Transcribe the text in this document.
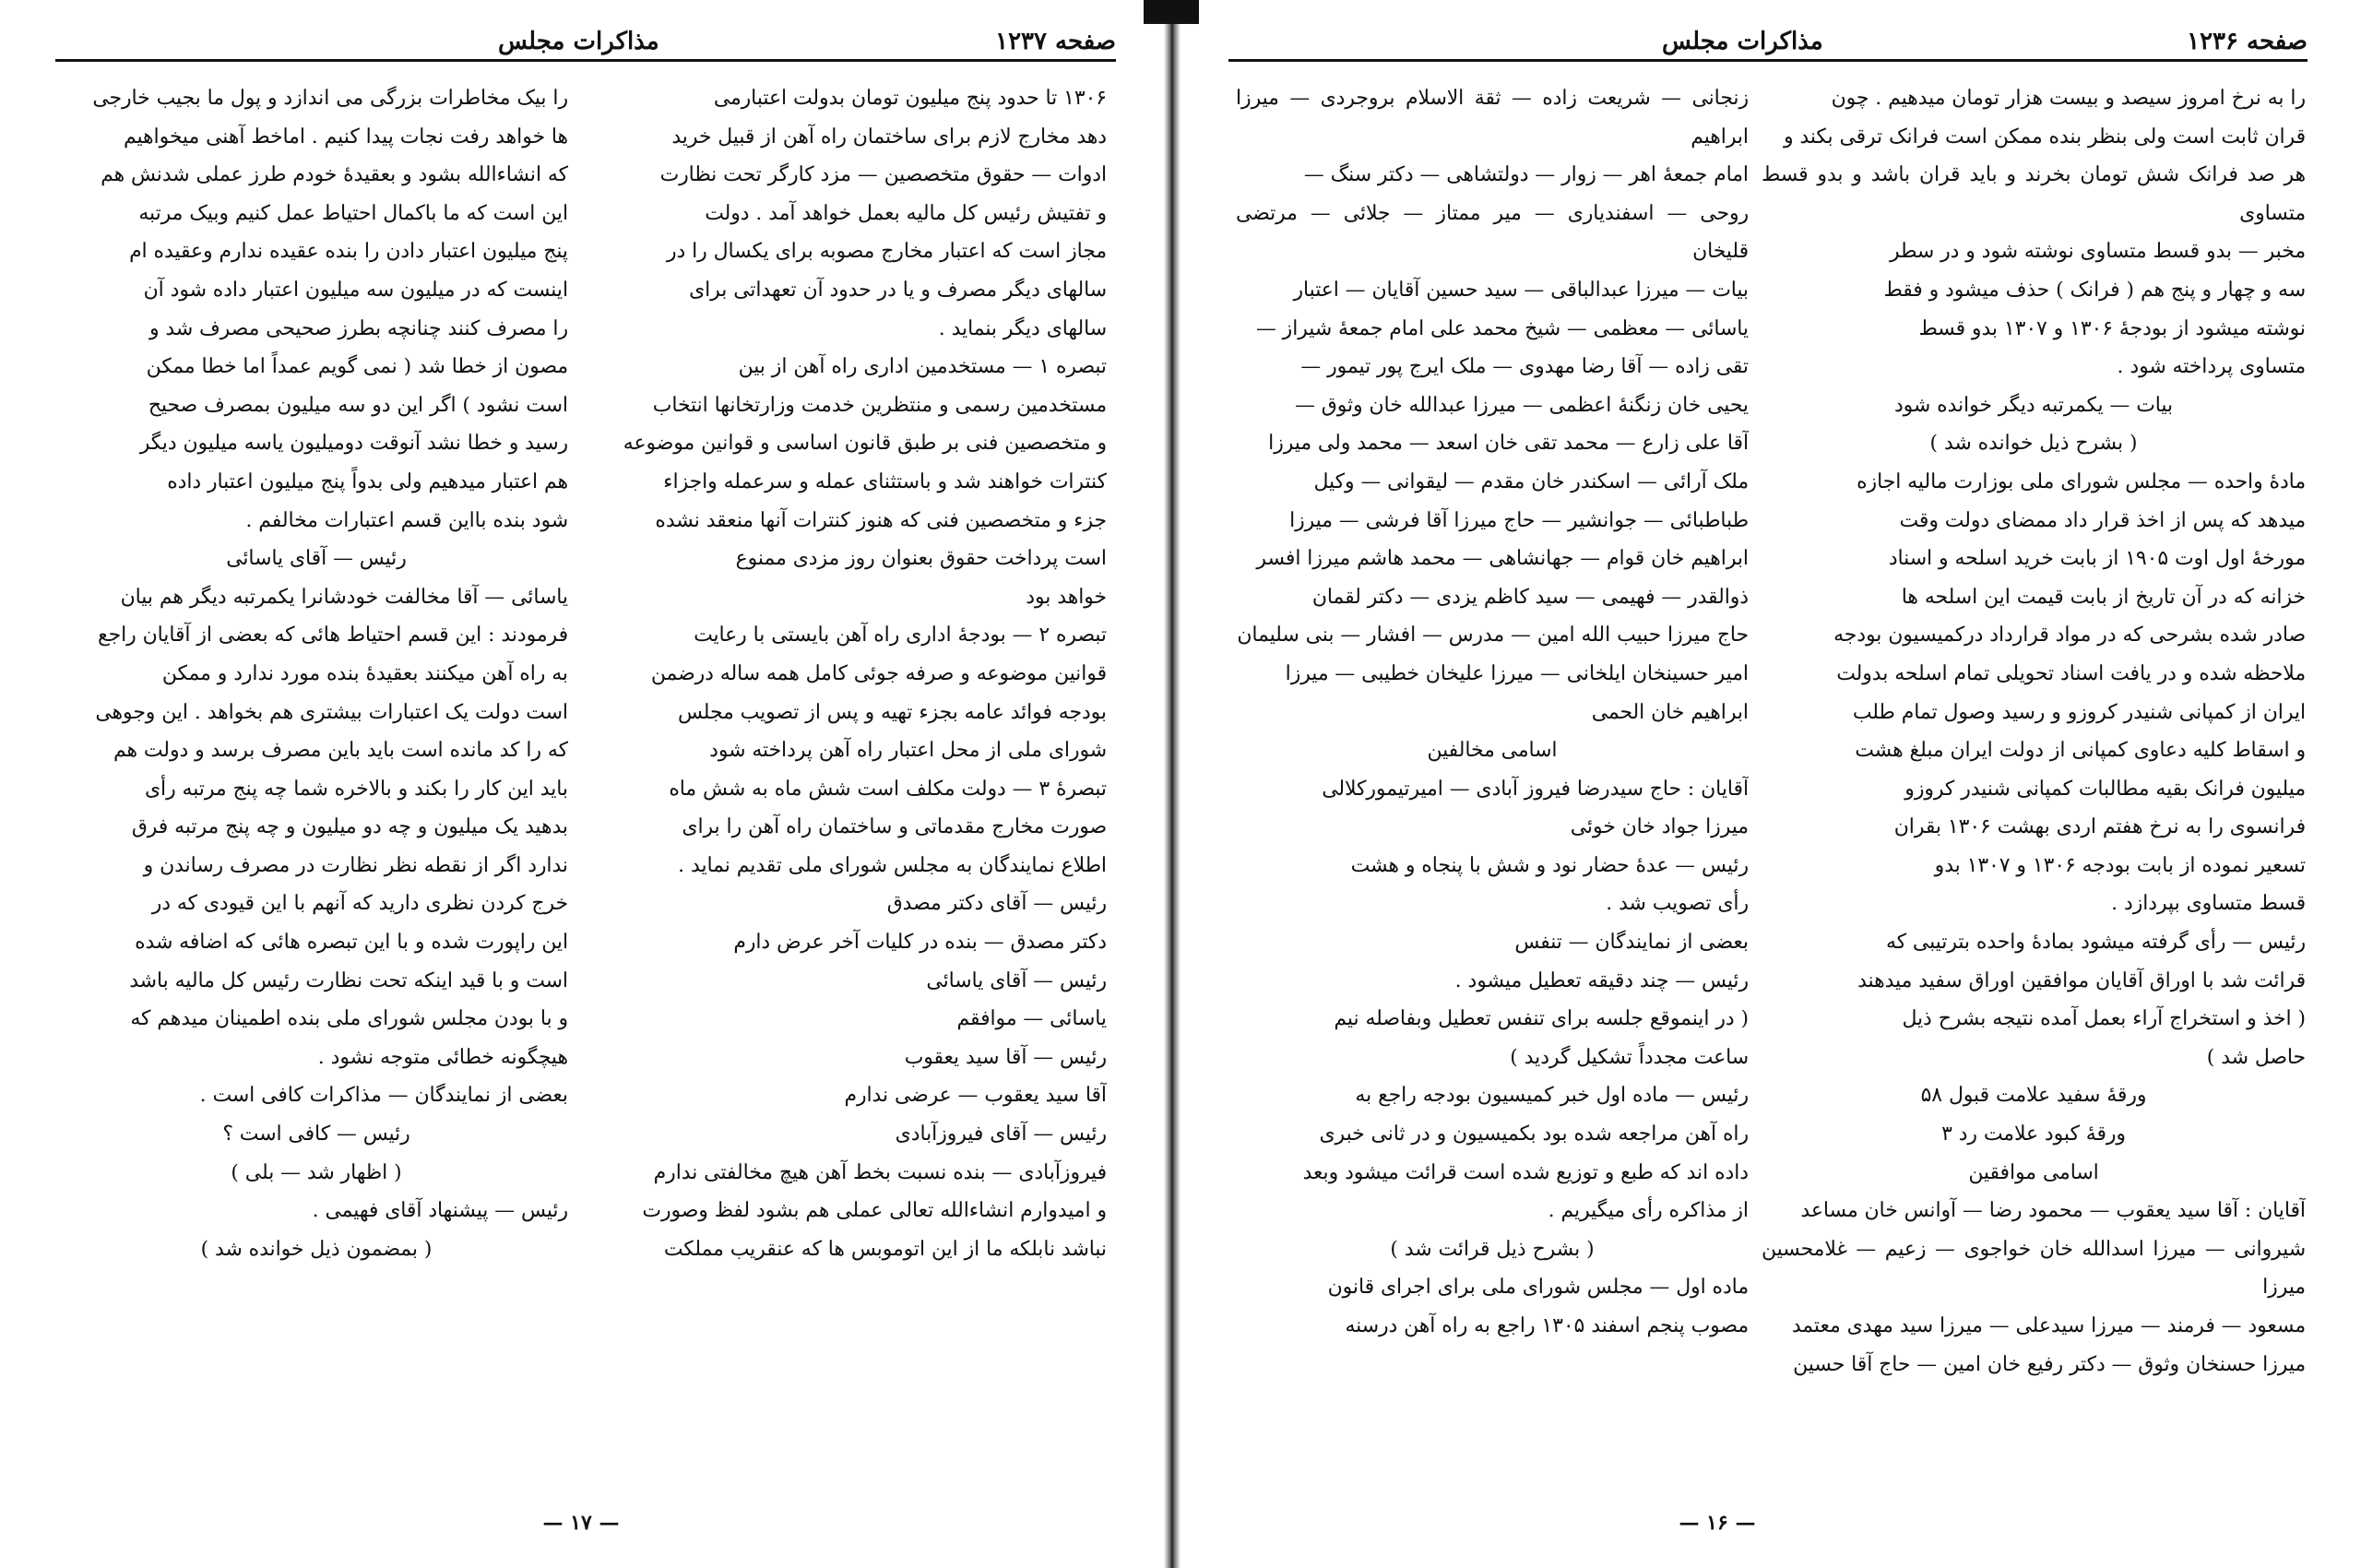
مذاکرات مجلس	صفحه ۱۲۳۷

۱۳۰۶ تا حدود پنج میلیون تومان بدولت اعتبارمی

دهد مخارج لازم برای ساختمان راه آهن از قبیل خرید

ادوات — حقوق متخصصین — مزد کارگر تحت نظارت

و تفتیش رئیس کل مالیه بعمل خواهد آمد . دولت

مجاز است که اعتبار مخارج مصوبه برای یکسال را در

سالهای دیگر مصرف و یا در حدود آن تعهداتی برای

سالهای دیگر بنماید .

تبصره ۱ — مستخدمین اداری راه آهن از بین

مستخدمین رسمی و منتظرین خدمت وزارتخانها انتخاب

و متخصصین فنی بر طبق قانون اساسی و قوانین موضوعه

کنترات خواهند شد و باستثنای عمله و سرعمله واجزاء

جزء و متخصصین فنی که هنوز کنترات آنها منعقد نشده

است پرداخت حقوق بعنوان روز مزدی ممنوع

خواهد بود

تبصره ۲ — بودجهٔ اداری راه آهن بایستی با رعایت

قوانین موضوعه و صرفه جوئی کامل همه ساله درضمن

بودجه فوائد عامه بجزء تهیه و پس از تصویب مجلس

شورای ملی از محل اعتبار راه آهن پرداخته شود

تبصرهٔ ۳ — دولت مکلف است شش ماه به شش ماه

صورت مخارج مقدماتی و ساختمان راه آهن را برای

اطلاع نمایندگان به مجلس شورای ملی تقدیم نماید .

رئیس — آقای دکتر مصدق

دکتر مصدق — بنده در کلیات آخر عرض دارم

رئیس — آقای یاسائی

یاسائی — موافقم

رئیس — آقا سید یعقوب

آقا سید یعقوب — عرضی ندارم

رئیس — آقای فیروزآبادی

فیروزآبادی — بنده نسبت بخط آهن هیچ مخالفتی ندارم

و امیدوارم انشاءالله تعالی عملی هم بشود لفظ وصورت

نباشد نابلکه ما از این اتوموبس ها که عنقریب مملکت

را بیک مخاطرات بزرگی می اندازد و پول ما بجیب خارجی

ها خواهد رفت نجات پیدا کنیم . اماخط آهنی میخواهیم

که انشاءالله بشود و بعقیدهٔ خودم طرز عملی شدنش هم

این است که ما باکمال احتیاط عمل کنیم وبیک مرتبه

پنج میلیون اعتبار دادن را بنده عقیده ندارم وعقیده ام

اینست که در میلیون سه میلیون اعتبار داده شود آن

را مصرف کنند چنانچه بطرز صحیحی مصرف شد و

مصون از خطا شد ( نمی گویم عمداً اما خطا ممکن

است نشود ) اگر این دو سه میلیون بمصرف صحیح

رسید و خطا نشد آنوقت دومیلیون یاسه میلیون دیگر

هم اعتبار میدهیم ولی بدواً پنج میلیون اعتبار داده

شود بنده بااین قسم اعتبارات مخالفم .

رئیس — آقای یاسائی

یاسائی — آقا مخالفت خودشانرا یکمرتبه دیگر هم بیان

فرمودند : این قسم احتیاط هائی که بعضی از آقایان راجع

به راه آهن میکنند بعقیدهٔ بنده مورد ندارد و ممکن

است دولت یک اعتبارات بیشتری هم بخواهد . این وجوهی

که را کد مانده است باید باین مصرف برسد و دولت هم

باید این کار را بکند و بالاخره شما چه پنج مرتبه رأی

بدهید یک میلیون و چه دو میلیون و چه پنج مرتبه فرق

ندارد اگر از نقطه نظر نظارت در مصرف رساندن و

خرج کردن نظری دارید که آنهم با این قیودی که در

این راپورت شده و با این تبصره هائی که اضافه شده

است و با قید اینکه تحت نظارت رئیس کل مالیه باشد

و با بودن مجلس شورای ملی بنده اطمینان میدهم که

هیچگونه خطائی متوجه نشود .

بعضی از نمایندگان — مذاکرات کافی است .

رئیس — کافی است ؟

( اظهار شد — بلی )

رئیس — پیشنهاد آقای فهیمی .

( بمضمون ذیل خوانده شد )

— ۱۷ —
مذاکرات مجلس	صفحه ۱۲۳۶

را به نرخ امروز سیصد و بیست هزار تومان میدهیم . چون

قران ثابت است ولی بنظر بنده ممکن است فرانک ترقی بکند و

هر صد فرانک شش تومان بخرند و باید قران باشد و بدو قسط متساوی

مخبر — بدو قسط متساوی نوشته شود و در سطر

سه و چهار و پنج هم ( فرانک ) حذف میشود و فقط

نوشته میشود از بودجهٔ ۱۳۰۶ و ۱۳۰۷ بدو قسط

متساوی پرداخته شود .

بیات — یکمرتبه دیگر خوانده شود

( بشرح ذیل خوانده شد )

مادهٔ واحده — مجلس شورای ملی بوزارت مالیه اجازه

میدهد که پس از اخذ قرار داد ممضای دولت وقت

مورخهٔ اول اوت ۱۹۰۵ از بابت خرید اسلحه و اسناد

خزانه که در آن تاریخ از بابت قیمت این اسلحه ها

صادر شده بشرحی که در مواد قرارداد درکمیسیون بودجه

ملاحظه شده و در یافت اسناد تحویلی تمام اسلحه بدولت

ایران از کمپانی شنیدر کروزو و رسید وصول تمام طلب

و اسقاط کلیه دعاوی کمپانی از دولت ایران مبلغ هشت

میلیون فرانک بقیه مطالبات کمپانی شنیدر کروزو

فرانسوی را به نرخ هفتم اردی بهشت ۱۳۰۶ بقران

تسعیر نموده از بابت بودجه ۱۳۰۶ و ۱۳۰۷ بدو

قسط متساوی بپردازد .

رئیس — رأی گرفته میشود بمادهٔ واحده بترتیبی که

قرائت شد با اوراق آقایان موافقین اوراق سفید میدهند

( اخذ و استخراج آراء بعمل آمده نتیجه بشرح ذیل

حاصل شد )

ورقهٔ سفید علامت قبول ۵۸

ورقهٔ کبود علامت رد ۳

اسامی موافقین

آقایان : آقا سید یعقوب — محمود رضا — آوانس خان مساعد

شیروانی — میرزا اسدالله خان خواجوی — زعیم — غلامحسین میرزا

مسعود — فرمند — میرزا سیدعلی — میرزا سید مهدی معتمد

میرزا حسنخان وثوق — دکتر رفیع خان امین — حاج آقا حسین

زنجانی — شریعت زاده — ثقة الاسلام بروجردی — میرزا ابراهیم

امام جمعهٔ اهر — زوار — دولتشاهی — دکتر سنگ —

روحی — اسفندیاری — میر ممتاز — جلائی — مرتضی قلیخان

بیات — میرزا عبدالباقی — سید حسین آقایان — اعتبار

یاسائی — معظمی — شیخ محمد علی امام جمعهٔ شیراز —

تقی زاده — آقا رضا مهدوی — ملک ایرج پور تیمور —

یحیی خان زنگنهٔ اعظمی — میرزا عبدالله خان وثوق —

آقا علی زارع — محمد تقی خان اسعد — محمد ولی میرزا

ملک آرائی — اسکندر خان مقدم — لیقوانی — وکیل

طباطبائی — جوانشیر — حاج میرزا آقا فرشی — میرزا

ابراهیم خان قوام — جهانشاهی — محمد هاشم میرزا افسر

ذوالقدر — فهیمی — سید کاظم یزدی — دکتر لقمان

حاج میرزا حبیب الله امین — مدرس — افشار — بنی سلیمان

امیر حسینخان ایلخانی — میرزا علیخان خطیبی — میرزا

ابراهیم خان الحمی

اسامی مخالفین

آقایان : حاج سیدرضا فیروز آبادی — امیرتیمورکلالی

میرزا جواد خان خوئی

رئیس — عدهٔ حضار نود و شش با پنجاه و هشت

رأی تصویب شد .

بعضی از نمایندگان — تنفس

رئیس — چند دقیقه تعطیل میشود .

( در اینموقع جلسه برای تنفس تعطیل وبفاصله نیم

ساعت مجدداً تشکیل گردید )

رئیس — ماده اول خبر کمیسیون بودجه راجع به

راه آهن مراجعه شده بود بکمیسیون و در ثانی خبری

داده اند که طبع و توزیع شده است قرائت میشود وبعد

از مذاکره رأی میگیریم .

( بشرح ذیل قرائت شد )

ماده اول — مجلس شورای ملی برای اجرای قانون

مصوب پنجم اسفند ۱۳۰۵ راجع به راه آهن درسنه

— ۱۶ —
